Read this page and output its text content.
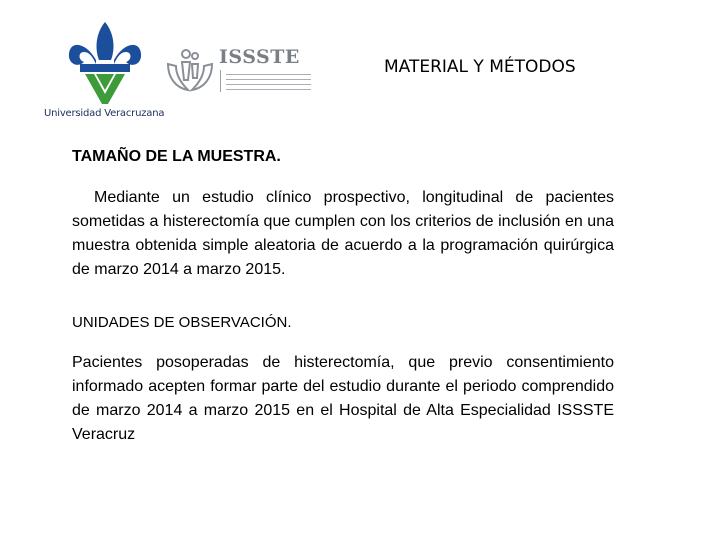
Universidad Veracruzana
ISSSTE	MATERIAL Y MÉTODOS
TAMAÑO DE LA MUESTRA.
Mediante un estudio clínico prospectivo, longitudinal de pacientes sometidas a histerectomía que cumplen con los criterios de inclusión en una muestra obtenida simple aleatoria de acuerdo a la programación quirúrgica de marzo 2014 a marzo 2015.
UNIDADES DE OBSERVACIÓN.
Pacientes posoperadas de histerectomía, que previo consentimiento informado acepten formar parte del estudio durante el periodo comprendido de marzo 2014 a marzo 2015 en el Hospital de Alta Especialidad ISSSTE Veracruz
